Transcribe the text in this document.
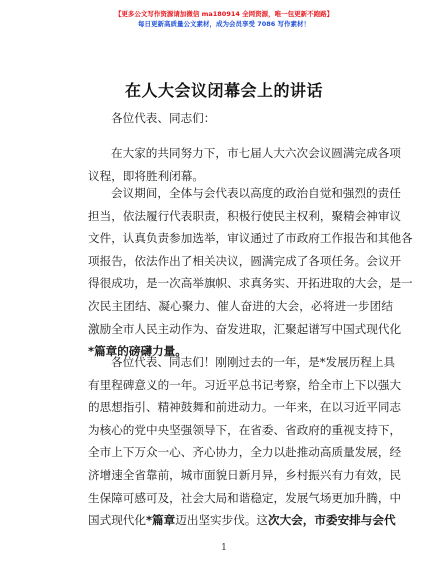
【更多公文写作资源请加微信 ma180914 全网资源，唯一包更新不跑路】
每日更新高质量公文素材，成为会员享受 7086 写作素材！
在人大会议闭幕会上的讲话
各位代表、同志们：
在大家的共同努力下，市七届人大六次会议圆满完成各项
议程，即将胜利闭幕。
会议期间，全体与会代表以高度的政治自觉和强烈的责任
担当，依法履行代表职责，积极行使民主权利，聚精会神审议
文件，认真负责参加选举，审议通过了市政府工作报告和其他各
项报告，依法作出了相关决议，圆满完成了各项任务。会议开
得很成功，是一次高举旗帜、求真务实、开拓进取的大会，是一
次民主团结、凝心聚力、催人奋进的大会，必将进一步团结
激励全市人民主动作为、奋发进取，汇聚起谱写中国式现代化
*篇章的磅礴力量。
各位代表、同志们！刚刚过去的一年，是*发展历程上具
有里程碑意义的一年。习近平总书记考察，给全市上下以强大
的思想指引、精神鼓舞和前进动力。一年来，在以习近平同志
为核心的党中央坚强领导下，在省委、省政府的重视支持下，
全市上下万众一心、齐心协力，全力以赴推动高质量发展，经
济增速全省靠前，城市面貌日新月异，乡村振兴有力有效，民
生保障可感可及，社会大局和谐稳定，发展气场更加升腾，中
国式现代化*篇章迈出坚实步伐。这次大会，市委安排与会代
1
